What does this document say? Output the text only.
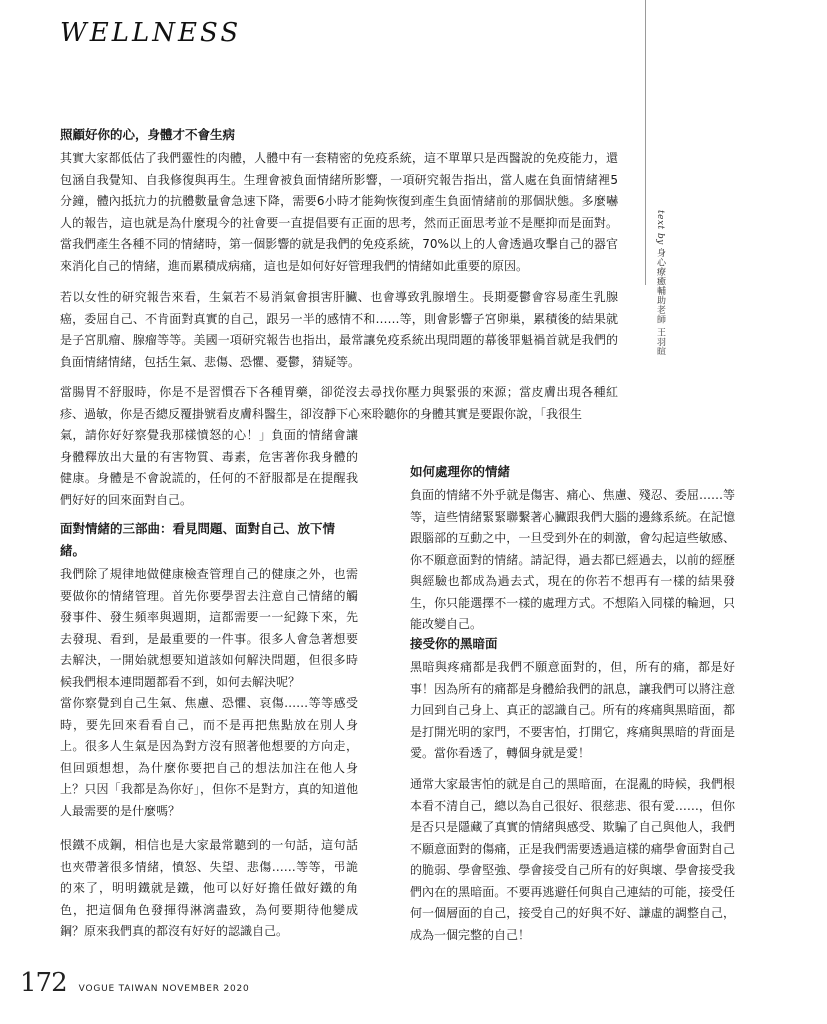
WELLNESS
text by 身心療癒輔助老師 王羽暄
照顧好你的心，身體才不會生病

其實大家都低估了我們靈性的肉體，人體中有一套精密的免疫系統，這不單單只是西醫說的免疫能力，還包涵自我覺知、自我修復與再生。生理會被負面情緒所影響，一項研究報告指出，當人處在負面情緒裡5分鐘，體內抵抗力的抗體數量會急速下降，需要6小時才能夠恢復到產生負面情緒前的那個狀態。多麼嚇人的報告，這也就是為什麼現今的社會要一直提倡要有正面的思考，然而正面思考並不是壓抑而是面對。當我們產生各種不同的情緒時，第一個影響的就是我們的免疫系統，70%以上的人會透過攻擊自己的器官來消化自己的情緒，進而累積成病痛，這也是如何好好管理我們的情緒如此重要的原因。

若以女性的研究報告來看，生氣若不易消氣會損害肝臟、也會導致乳腺增生。長期憂鬱會容易產生乳腺癌，委屈自己、不肯面對真實的自己，跟另一半的感情不和……等，則會影響子宮卵巢，累積後的結果就是子宮肌瘤、腺瘤等等。美國一項研究報告也指出，最常讓免疫系統出現問題的幕後罪魁禍首就是我們的負面情緒情緒，包括生氣、悲傷、恐懼、憂鬱，猜疑等。

當腸胃不舒服時，你是不是習慣吞下各種胃藥，卻從沒去尋找你壓力與緊張的來源；當皮膚出現各種紅疹、過敏，你是否總反覆掛號看皮膚科醫生，卻沒靜下心來聆聽你的身體其實是要跟你說，「我很生

氣，請你好好察覺我那樣憤怒的心！」負面的情緒會讓身體釋放出大量的有害物質、毒素，危害著你我身體的健康。身體是不會說謊的，任何的不舒服都是在提醒我們好好的回來面對自己。

面對情緒的三部曲：看見問題、面對自己、放下情緒。

我們除了規律地做健康檢查管理自己的健康之外，也需要做你的情緒管理。首先你要學習去注意自己情緒的觸發事件、發生頻率與週期，這都需要一一紀錄下來，先去發現、看到，是最重要的一件事。很多人會急著想要去解決，一開始就想要知道該如何解決問題，但很多時候我們根本連問題都看不到，如何去解決呢？

當你察覺到自己生氣、焦慮、恐懼、哀傷……等等感受時，要先回來看看自己，而不是再把焦點放在別人身上。很多人生氣是因為對方沒有照著他想要的方向走，但回頭想想，為什麼你要把自己的想法加注在他人身上？只因「我都是為你好」，但你不是對方，真的知道他人最需要的是什麼嗎？

恨鐵不成鋼，相信也是大家最常聽到的一句話，這句話也夾帶著很多情緒，憤怒、失望、悲傷……等等，弔詭的來了，明明鐵就是鐵，他可以好好擔任做好鐵的角色，把這個角色發揮得淋漓盡致，為何要期待他變成鋼？原來我們真的都沒有好好的認識自己。

如何處理你的情緒

負面的情緒不外乎就是傷害、痛心、焦慮、殘忍、委屈……等等，這些情緒緊緊聯繫著心臟跟我們大腦的邊緣系統。在記憶跟腦部的互動之中，一旦受到外在的刺激，會勾起這些敏感、你不願意面對的情緒。請記得，過去都已經過去，以前的經歷與經驗也都成為過去式，現在的你若不想再有一樣的結果發生，你只能選擇不一樣的處理方式。不想陷入同樣的輪迴，只能改變自己。

接受你的黑暗面

黑暗與疼痛都是我們不願意面對的，但，所有的痛，都是好事！因為所有的痛都是身體給我們的訊息，讓我們可以將注意力回到自己身上、真正的認識自己。所有的疼痛與黑暗面，都是打開光明的家門，不要害怕，打開它，疼痛與黑暗的背面是愛。當你看透了，轉個身就是愛！

通常大家最害怕的就是自己的黑暗面，在混亂的時候，我們根本看不清自己，總以為自己很好、很慈悲、很有愛……，但你是否只是隱藏了真實的情緒與感受、欺騙了自己與他人，我們不願意面對的傷痛，正是我們需要透過這樣的痛學會面對自己的脆弱、學會堅強、學會接受自己所有的好與壞、學會接受我們內在的黑暗面。不要再逃避任何與自己連結的可能，接受任何一個層面的自己，接受自己的好與不好、謙虛的調整自己，成為一個完整的自己！

172 VOGUE TAIWAN NOVEMBER 2020
